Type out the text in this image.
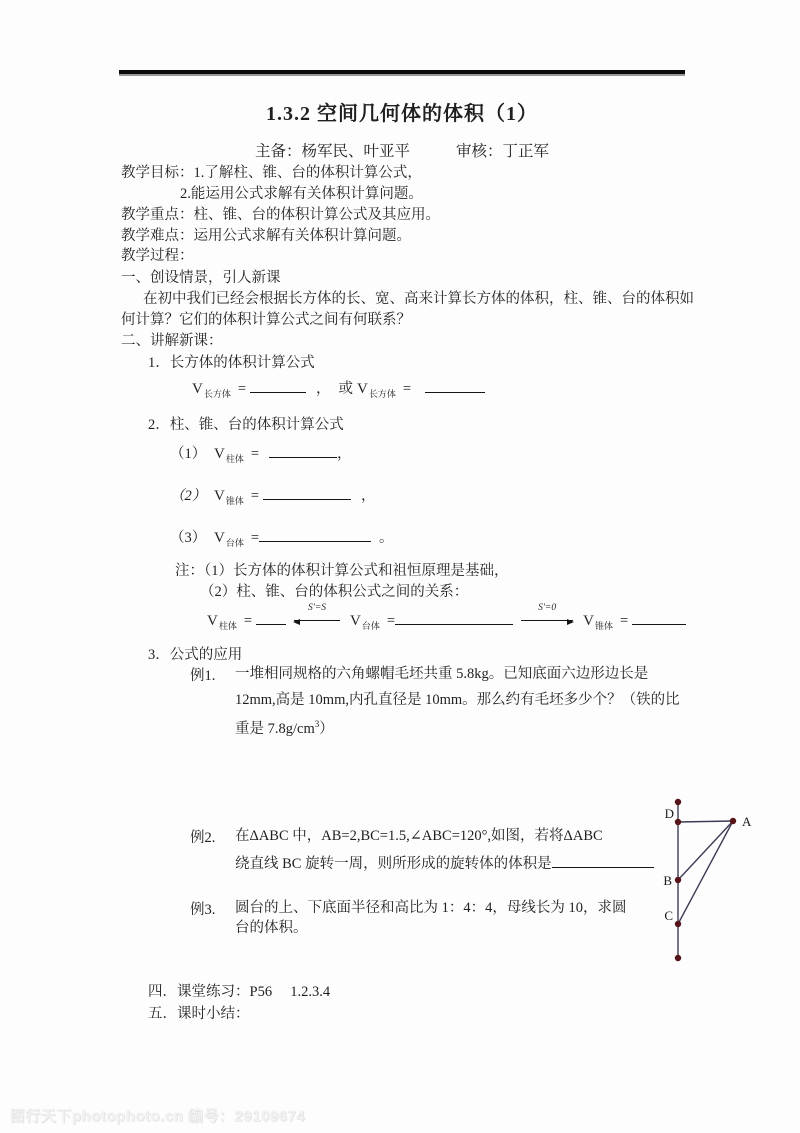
1.3.2 空间几何体的体积（1）
主备：杨军民、叶亚平	审核：丁正军
教学目标：1.了解柱、锥、台的体积计算公式，
2.能运用公式求解有关体积计算问题。
教学重点：柱、锥、台的体积计算公式及其应用。
教学难点：运用公式求解有关体积计算问题。
教学过程：
一、创设情景，引人新课
在初中我们已经会根据长方体的长、宽、高来计算长方体的体积，柱、锥、台的体积如
何计算？它们的体积计算公式之间有何联系？
二、讲解新课：
1．长方体的体积计算公式
$V_{长方体}$ =	， 或 $V_{长方体}$ =
2．柱、锥、台的体积计算公式
（1） $V_{柱体}$ =	，
（2） $V_{锥体}$ =	，
（3） $V_{台体}$ =	。
注：（1）长方体的体积计算公式和祖恒原理是基础，
（2）柱、锥、台的体积公式之间的关系：
$V_{柱体}$ =
S′=S
$V_{台体}$ =
S′=0
$V_{锥体}$ =
3．公式的应用
例1. 一堆相同规格的六角螺帽毛坯共重 5.8kg。已知底面六边形边长是
12mm,高是 10mm,内孔直径是 10mm。那么约有毛坯多少个？（铁的比
重是 $7.8g/cm^3$）
例2. 在ΔABC 中，AB=2,BC=1.5,∠ABC=120°,如图，若将ΔABC
绕直线 BC 旋转一周，则所形成的旋转体的体积是
例3. 圆台的上、下底面半径和高比为 1：4：4，母线长为 10，求圆
台的体积。
D
A
B
C
四．课堂练习：P56　 1.2.3.4
五．课时小结：
图行天下photophoto.cn 编号：29109674
